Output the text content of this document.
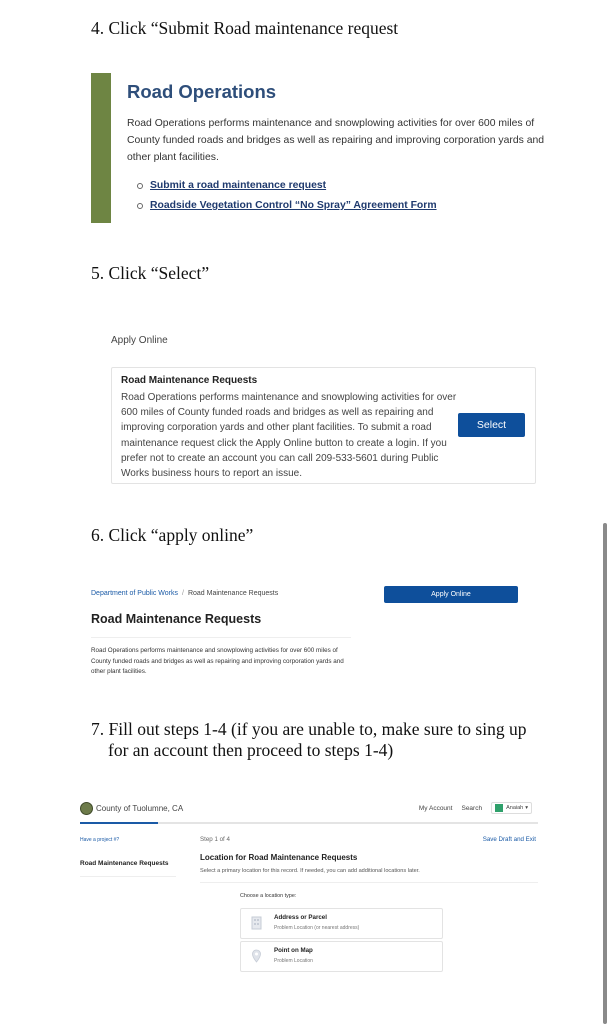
4. Click “Submit Road maintenance request
Road Operations
Road Operations performs maintenance and snowplowing activities for over 600 miles of County funded roads and bridges as well as repairing and improving corporation yards and other plant facilities.
Submit a road maintenance request
Roadside Vegetation Control “No Spray” Agreement Form
5. Click “Select”
Apply Online
Road Maintenance Requests
Road Operations performs maintenance and snowplowing activities for over 600 miles of County funded roads and bridges as well as repairing and improving corporation yards and other plant facilities. To submit a road maintenance request click the Apply Online button to create a login. If you prefer not to create an account you can call 209-533-5601 during Public Works business hours to report an issue.
Select
6. Click “apply online”
Department of Public Works / Road Maintenance Requests	Apply Online
Road Maintenance Requests
Road Operations performs maintenance and snowplowing activities for over 600 miles of County funded roads and bridges as well as repairing and improving corporation yards and other plant facilities.
7. Fill out steps 1-4 (if you are unable to, make sure to sing up
for an account then proceed to steps 1-4)
County of Tuolumne, CA	My Account Search	Anaiah ▾
Have a project #?
Road Maintenance Requests
Step 1 of 4	Save Draft and Exit
Location for Road Maintenance Requests
Select a primary location for this record. If needed, you can add additional locations later.
Choose a location type:
Address or Parcel
Problem Location (or nearest address)
Point on Map
Problem Location
